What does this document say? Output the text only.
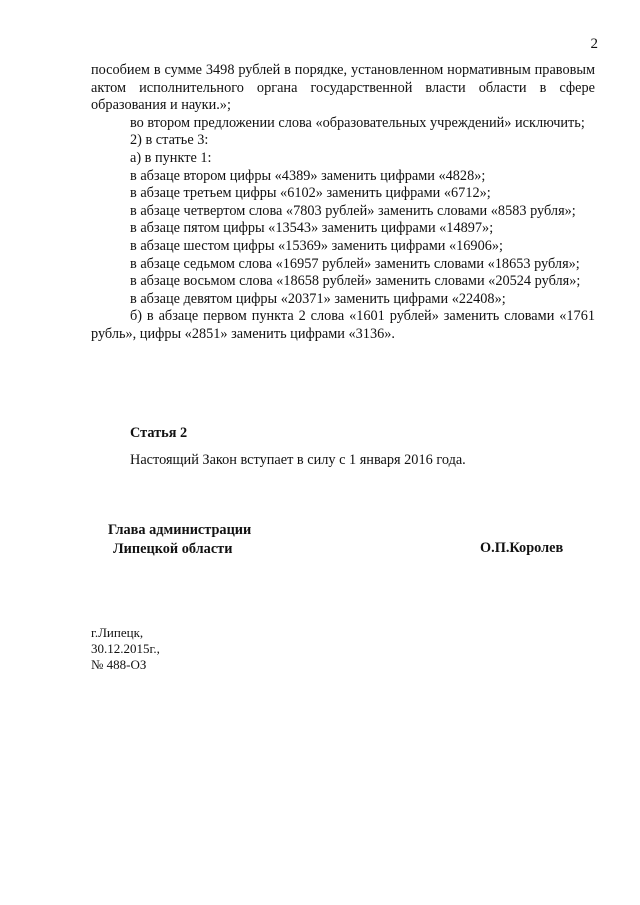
2
пособием в сумме 3498 рублей в порядке, установленном нормативным правовым актом исполнительного органа государственной власти области в сфере образования и науки.»;
во втором предложении слова «образовательных учреждений» исключить;
2) в статье 3:
а) в пункте 1:
в абзаце втором цифры «4389» заменить цифрами «4828»;
в абзаце третьем цифры «6102» заменить цифрами «6712»;
в абзаце четвертом слова «7803 рублей» заменить словами «8583 рубля»;
в абзаце пятом цифры «13543» заменить цифрами «14897»;
в абзаце шестом цифры «15369» заменить цифрами «16906»;
в абзаце седьмом слова «16957 рублей» заменить словами «18653 рубля»;
в абзаце восьмом слова «18658 рублей» заменить словами «20524 рубля»;
в абзаце девятом цифры «20371» заменить цифрами «22408»;
б) в абзаце первом пункта 2 слова «1601 рублей» заменить словами «1761 рубль», цифры «2851» заменить цифрами «3136».
Статья 2
Настоящий Закон вступает в силу с 1 января 2016 года.
Глава администрации
Липецкой области	О.П.Королев
г.Липецк,
30.12.2015г.,
№ 488-ОЗ
